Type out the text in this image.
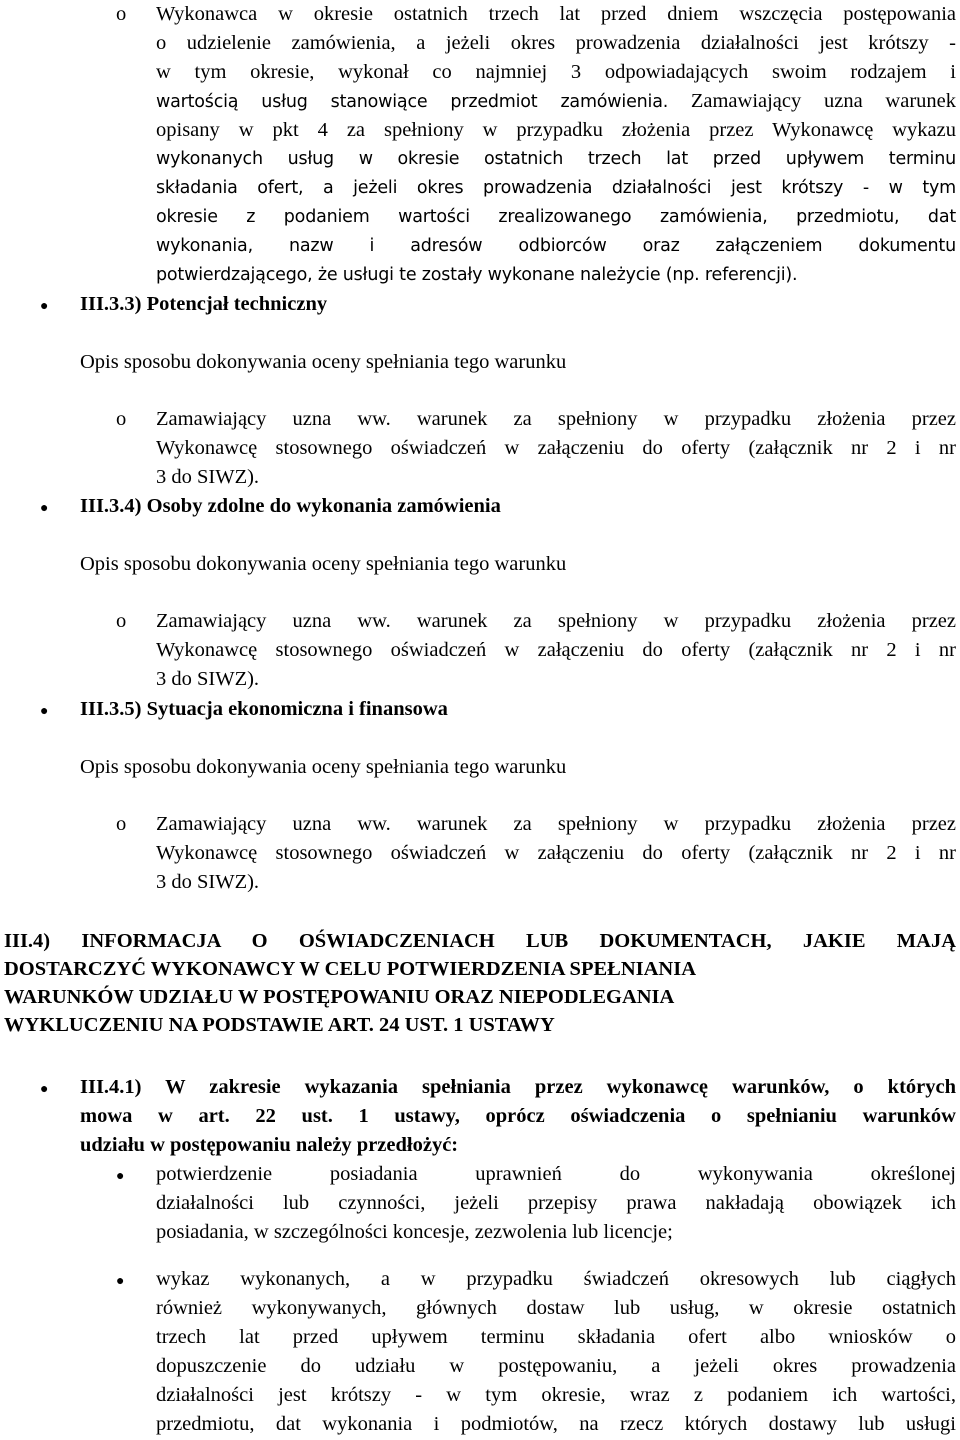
o Wykonawca w okresie ostatnich trzech lat przed dniem wszczęcia postępowania
o udzielenie zamówienia, a jeżeli okres prowadzenia działalności jest krótszy -
w tym okresie, wykonał co najmniej 3 odpowiadających swoim rodzajem i
wartością usług stanowiące przedmiot zamówienia. Zamawiający uzna warunek
opisany w pkt 4 za spełniony w przypadku złożenia przez Wykonawcę wykazu
wykonanych usług w okresie ostatnich trzech lat przed upływem terminu
składania ofert, a jeżeli okres prowadzenia działalności jest krótszy - w tym
okresie z podaniem wartości zrealizowanego zamówienia, przedmiotu, dat
wykonania, nazw i adresów odbiorców oraz załączeniem dokumentu
potwierdzającego, że usługi te zostały wykonane należycie (np. referencji).
● III.3.3) Potencjał techniczny
Opis sposobu dokonywania oceny spełniania tego warunku
o Zamawiający uzna ww. warunek za spełniony w przypadku złożenia przez
Wykonawcę stosownego oświadczeń w załączeniu do oferty (załącznik nr 2 i nr
3 do SIWZ).
● III.3.4) Osoby zdolne do wykonania zamówienia
Opis sposobu dokonywania oceny spełniania tego warunku
o Zamawiający uzna ww. warunek za spełniony w przypadku złożenia przez
Wykonawcę stosownego oświadczeń w załączeniu do oferty (załącznik nr 2 i nr
3 do SIWZ).
● III.3.5) Sytuacja ekonomiczna i finansowa
Opis sposobu dokonywania oceny spełniania tego warunku
o Zamawiający uzna ww. warunek za spełniony w przypadku złożenia przez
Wykonawcę stosownego oświadczeń w załączeniu do oferty (załącznik nr 2 i nr
3 do SIWZ).
III.4) INFORMACJA O OŚWIADCZENIACH LUB DOKUMENTACH, JAKIE MAJĄ
DOSTARCZYĆ WYKONAWCY W CELU POTWIERDZENIA SPEŁNIANIA
WARUNKÓW UDZIAŁU W POSTĘPOWANIU ORAZ NIEPODLEGANIA
WYKLUCZENIU NA PODSTAWIE ART. 24 UST. 1 USTAWY
● III.4.1) W zakresie wykazania spełniania przez wykonawcę warunków, o których
mowa w art. 22 ust. 1 ustawy, oprócz oświadczenia o spełnianiu warunków
udziału w postępowaniu należy przedłożyć:
● potwierdzenie posiadania uprawnień do wykonywania określonej
działalności lub czynności, jeżeli przepisy prawa nakładają obowiązek ich
posiadania, w szczególności koncesje, zezwolenia lub licencje;
● wykaz wykonanych, a w przypadku świadczeń okresowych lub ciągłych
również wykonywanych, głównych dostaw lub usług, w okresie ostatnich
trzech lat przed upływem terminu składania ofert albo wniosków o
dopuszczenie do udziału w postępowaniu, a jeżeli okres prowadzenia
działalności jest krótszy - w tym okresie, wraz z podaniem ich wartości,
przedmiotu, dat wykonania i podmiotów, na rzecz których dostawy lub usługi
